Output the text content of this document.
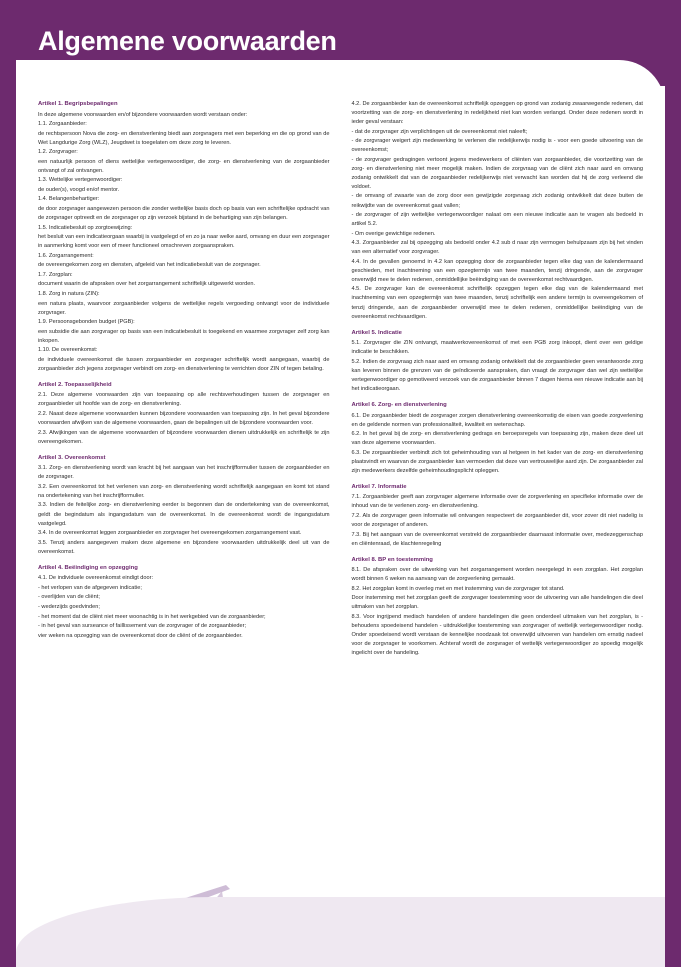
Algemene voorwaarden
Artikel 1. Begripsbepalingen
In deze algemene voorwaarden en/of bijzondere voorwaarden wordt verstaan onder:
1.1. Zorgaanbieder:
de rechtspersoon Nova die zorg- en dienstverlening biedt aan zorgvragers met een beperking en die op grond van de Wet Langdurige Zorg (WLZ), Jeugdwet is toegelaten om deze zorg te leveren.
1.2. Zorgvrager:
een natuurlijk persoon of diens wettelijke vertegenwoordiger, die zorg- en dienstverlening van de zorgaanbieder ontvangt of zal ontvangen.
1.3. Wettelijke vertegenwoordiger:
de ouder(s), voogd en/of mentor.
1.4. Belangenbehartiger:
de door zorgvrager aangewezen persoon die zonder wettelijke basis doch op basis van een schriftelijke opdracht van de zorgvrager optreedt en de zorgvrager op zijn verzoek bijstand in de behartiging van zijn belangen.
1.5. Indicatiebesluit op zorgtoewijzing:
het besluit van een indicatieorgaan waarbij is vastgelegd of en zo ja naar welke aard, omvang en duur een zorgvrager in aanmerking komt voor een of meer functioneel omschreven zorgaanspraken.
1.6. Zorgarrangement:
de overeengekomen zorg en diensten, afgeleid van het indicatiebesluit van de zorgvrager.
1.7. Zorgplan:
document waarin de afspraken over het zorgarrangement schriftelijk uitgewerkt worden.
1.8. Zorg in natura (ZIN):
een natura plaats, waarvoor zorgaanbieder volgens de wettelijke regels vergoeding ontvangt voor de individuele zorgvrager.
1.9. Persoonsgebonden budget (PGB):
een subsidie die aan zorgvrager op basis van een indicatiebesluit is toegekend en waarmee zorgvrager zelf zorg kan inkopen.
1.10. De overeenkomst:
de individuele overeenkomst die tussen zorgaanbieder en zorgvrager schriftelijk wordt aangegaan, waarbij de zorgaanbieder zich jegens zorgvrager verbindt om zorg- en dienstverlening te verrichten door ZIN of tegen betaling.
Artikel 2. Toepasselijkheid
2.1. Deze algemene voorwaarden zijn van toepassing op alle rechtsverhoudingen tussen de zorgvrager en zorgaanbieder uit hoofde van de zorg- en dienstverlening.
2.2. Naast deze algemene voorwaarden kunnen bijzondere voorwaarden van toepassing zijn. In het geval bijzondere voorwaarden afwijken van de algemene voorwaarden, gaan de bepalingen uit de bijzondere voorwaarden voor.
2.3. Afwijkingen van de algemene voorwaarden of bijzondere voorwaarden dienen uitdrukkelijk en schriftelijk te zijn overeengekomen.
Artikel 3. Overeenkomst
3.1. Zorg- en dienstverlening wordt van kracht bij het aangaan van het inschrijfformulier tussen de zorgaanbieder en de zorgvrager.
3.2. Een overeenkomst tot het verlenen van zorg- en dienstverlening wordt schriftelijk aangegaan en komt tot stand na ondertekening van het inschrijfformulier.
3.3. Indien de feitelijke zorg- en dienstverlening eerder is begonnen dan de ondertekening van de overeenkomst, geldt die begindatum als ingangsdatum van de overeenkomst. In de overeenkomst wordt de ingangsdatum vastgelegd.
3.4. In de overeenkomst leggen zorgaanbieder en zorgvrager het overeengekomen zorgarrangement vast.
3.5. Tenzij anders aangegeven maken deze algemene en bijzondere voorwaarden uitdrukkelijk deel uit van de overeenkomst.
Artikel 4. Beëindiging en opzegging
4.1. De individuele overeenkomst eindigt door:
- het verlopen van de afgegeven indicatie;
- overlijden van de cliënt;
- wederzijds goedvinden;
- het moment dat de cliënt niet meer woonachtig is in het werkgebied van de zorgaanbieder;
- in het geval van surseance of faillissement van de zorgvrager of de zorgaanbieder;
vier weken na opzegging van de overeenkomst door de cliënt of de zorgaanbieder.
4.2. De zorgaanbieder kan de overeenkomst schriftelijk opzeggen op grond van zodanig zwaarwegende redenen, dat voortzetting van de zorg- en dienstverlening in redelijkheid niet kan worden verlangd. Onder deze redenen wordt in ieder geval verstaan:
- dat de zorgvrager zijn verplichtingen uit de overeenkomst niet naleeft;
- de zorgvrager weigert zijn medewerking te verlenen die redelijkerwijs nodig is - voor een goede uitvoering van de overeenkomst;
- de zorgvrager gedragingen vertoont jegens medewerkers of cliënten van zorgaanbieder, die voortzetting van de zorg- en dienstverlening niet meer mogelijk maken. Indien de zorgvraag van de cliënt zich naar aard en omvang zodanig ontwikkelt dat van de zorgaanbieder redelijkerwijs niet verwacht kan worden dat hij de zorg verleend die voldoet.
- de omvang of zwaarte van de zorg door een gewijzigde zorgvraag zich zodanig ontwikkelt dat deze buiten de reikwijdte van de overeenkomst gaat vallen;
- de zorgvrager of zijn wettelijke vertegenwoordiger nalaat om een nieuwe indicatie aan te vragen als bedoeld in artikel 5.2.
- Om overige gewichtige redenen.
4.3. Zorgaanbieder zal bij opzegging als bedoeld onder 4.2 sub d naar zijn vermogen behulpzaam zijn bij het vinden van een alternatief voor zorgvrager.
4.4. In de gevallen genoemd in 4.2 kan opzegging door de zorgaanbieder tegen elke dag van de kalendermaand geschieden, met inachtneming van een opzegtermijn van twee maanden, tenzij dringende, aan de zorgvrager onverwijld mee te delen redenen, onmiddellijke beëindiging van de overeenkomst rechtvaardigen.
4.5. De zorgvrager kan de overeenkomst schriftelijk opzeggen tegen elke dag van de kalendermaand met inachtneming van een opzegtermijn van twee maanden, tenzij schriftelijk een andere termijn is overeengekomen of tenzij dringende, aan de zorgaanbieder onverwijld mee te delen redenen, onmiddellijke beëindiging van de overeenkomst rechtvaardigen.
Artikel 5. Indicatie
5.1. Zorgvrager die ZIN ontvangt, maatwerkovereenkomst of met een PGB zorg inkoopt, dient over een geldige indicatie te beschikken.
5.2. Indien de zorgvraag zich naar aard en omvang zodanig ontwikkelt dat de zorgaanbieder geen verantwoorde zorg kan leveren binnen de grenzen van de geïndiceerde aanspraken, dan vraagt de zorgvrager dan wel zijn wettelijke vertegenwoordiger op gemotiveerd verzoek van de zorgaanbieder binnen 7 dagen hierna een nieuwe indicatie aan bij het indicatieorgaan.
Artikel 6. Zorg- en dienstverlening
6.1. De zorgaanbieder biedt de zorgvrager zorgen dienstverlening overeenkomstig de eisen van goede zorgverlening en de geldende normen van professionaliteit, kwaliteit en wetenschap.
6.2. In het geval bij de zorg- en dienstverlening gedrags en beroepsregels van toepassing zijn, maken deze deel uit van deze algemene voorwaarden.
6.3. De zorgaanbieder verbindt zich tot geheimhouding van al hetgeen in het kader van de zorg- en dienstverlening plaatsvindt en waarvan de zorgaanbieder kan vermoeden dat deze van vertrouwelijke aard zijn. De zorgaanbieder zal zijn medewerkers dezelfde geheimhoudingsplicht opleggen.
Artikel 7. Informatie
7.1. Zorgaanbieder geeft aan zorgvrager algemene informatie over de zorgverlening en specifieke informatie over de inhoud van de te verlenen zorg- en dienstverlening.
7.2. Als de zorgvrager geen informatie wil ontvangen respecteert de zorgaanbieder dit, voor zover dit niet nadelig is voor de zorgvrager of anderen.
7.3. Bij het aangaan van de overeenkomst verstrekt de zorgaanbieder daarnaast informatie over, medezeggenschap en cliëntenraad, de klachtenregeling
Artikel 8. BP en toestemming
8.1. De afspraken over de uitwerking van het zorgarrangement worden neergelegd in een zorgplan. Het zorgplan wordt binnen 6 weken na aanvang van de zorgverlening gemaakt.
8.2. Het zorgplan komt in overleg met en met instemming van de zorgvrager tot stand.
Door instemming met het zorgplan geeft de zorgvrager toestemming voor de uitvoering van alle handelingen die deel uitmaken van het zorgplan.
8.3. Voor ingrijpend medisch handelen of andere handelingen die geen onderdeel uitmaken van het zorgplan, is - behoudens spoedeisend handelen - uitdrukkelijke toestemming van zorgvrager of wettelijk vertegenwoordiger nodig. Onder spoedeisend wordt verstaan de kennelijke noodzaak tot onverwijld uitvoeren van handelen om ernstig nadeel voor de zorgvrager te voorkomen. Achteraf wordt de zorgvrager of wettelijk vertegenwoordiger zo spoedig mogelijk ingelicht over de handeling.
